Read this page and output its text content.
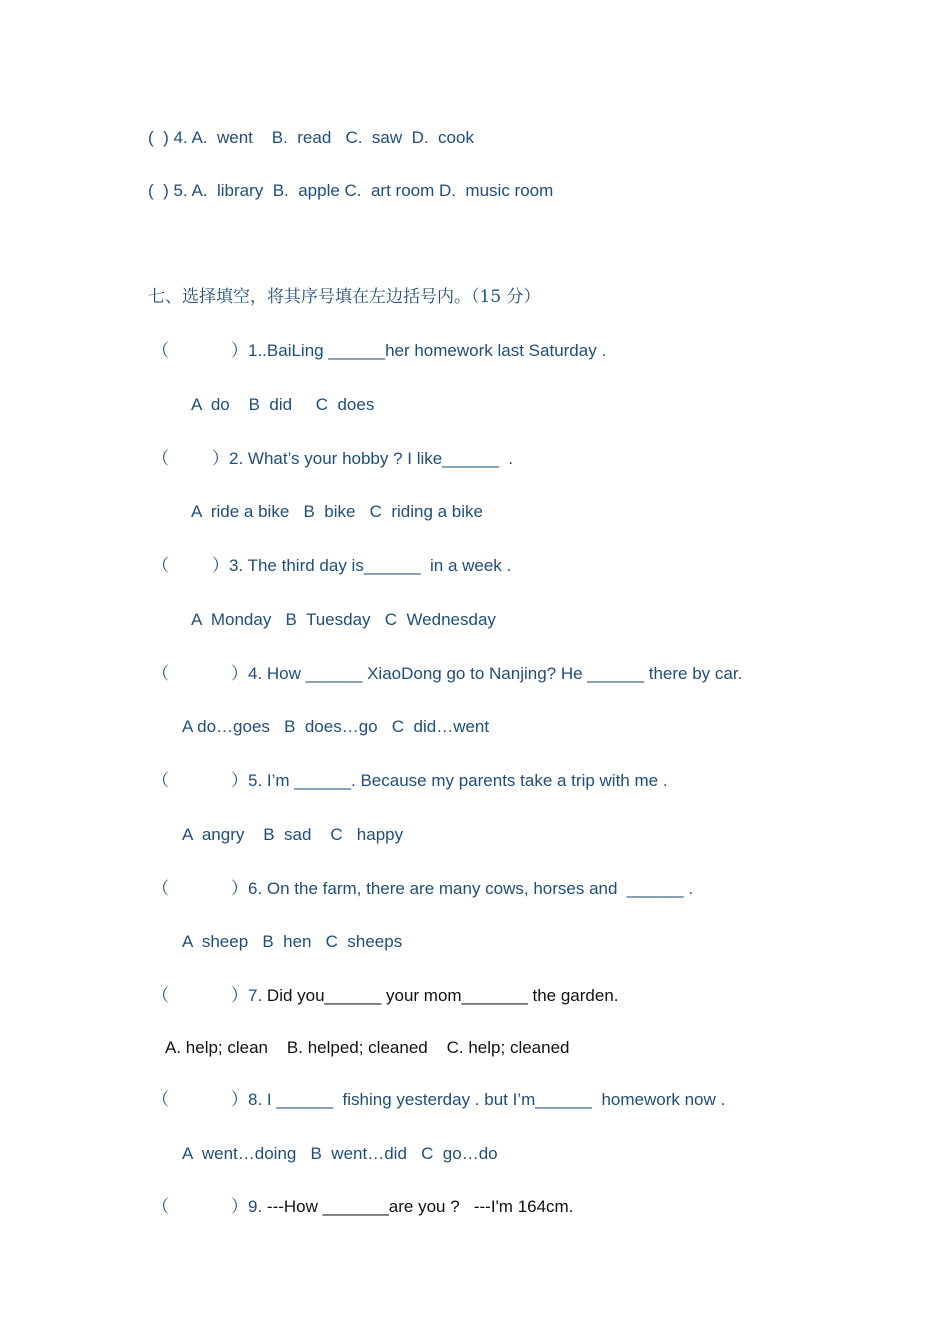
(  ) 4. A.  went    B.  read   C.  saw  D.  cook
(  ) 5. A.  library  B.  apple C.  art room D.  music room
七、选择填空，将其序号填在左边括号内。（15 分）
（	） 1..BaiLing ______her homework last Saturday .
A  do    B  did     C  does
（	） 2. What’s your hobby ? I like______  .
A  ride a bike   B  bike   C  riding a bike
（	） 3. The third day is______  in a week .
A  Monday   B  Tuesday   C  Wednesday
（	） 4. How ______ XiaoDong go to Nanjing? He ______ there by car.
A do…goes   B  does…go   C  did…went
（	） 5. I’m ______. Because my parents take a trip with me .
A  angry    B  sad    C   happy
（	） 6. On the farm, there are many cows, horses and  ______ .
A  sheep   B  hen   C  sheeps
（	） 7. Did you______ your mom_______ the garden.
A. help; clean    B. helped; cleaned    C. help; cleaned
（	） 8. I ______  fishing yesterday . but I’m______  homework now .
A  went…doing   B  went…did   C  go…do
（	） 9. ---How _______are you ?   ---I'm 164cm.
